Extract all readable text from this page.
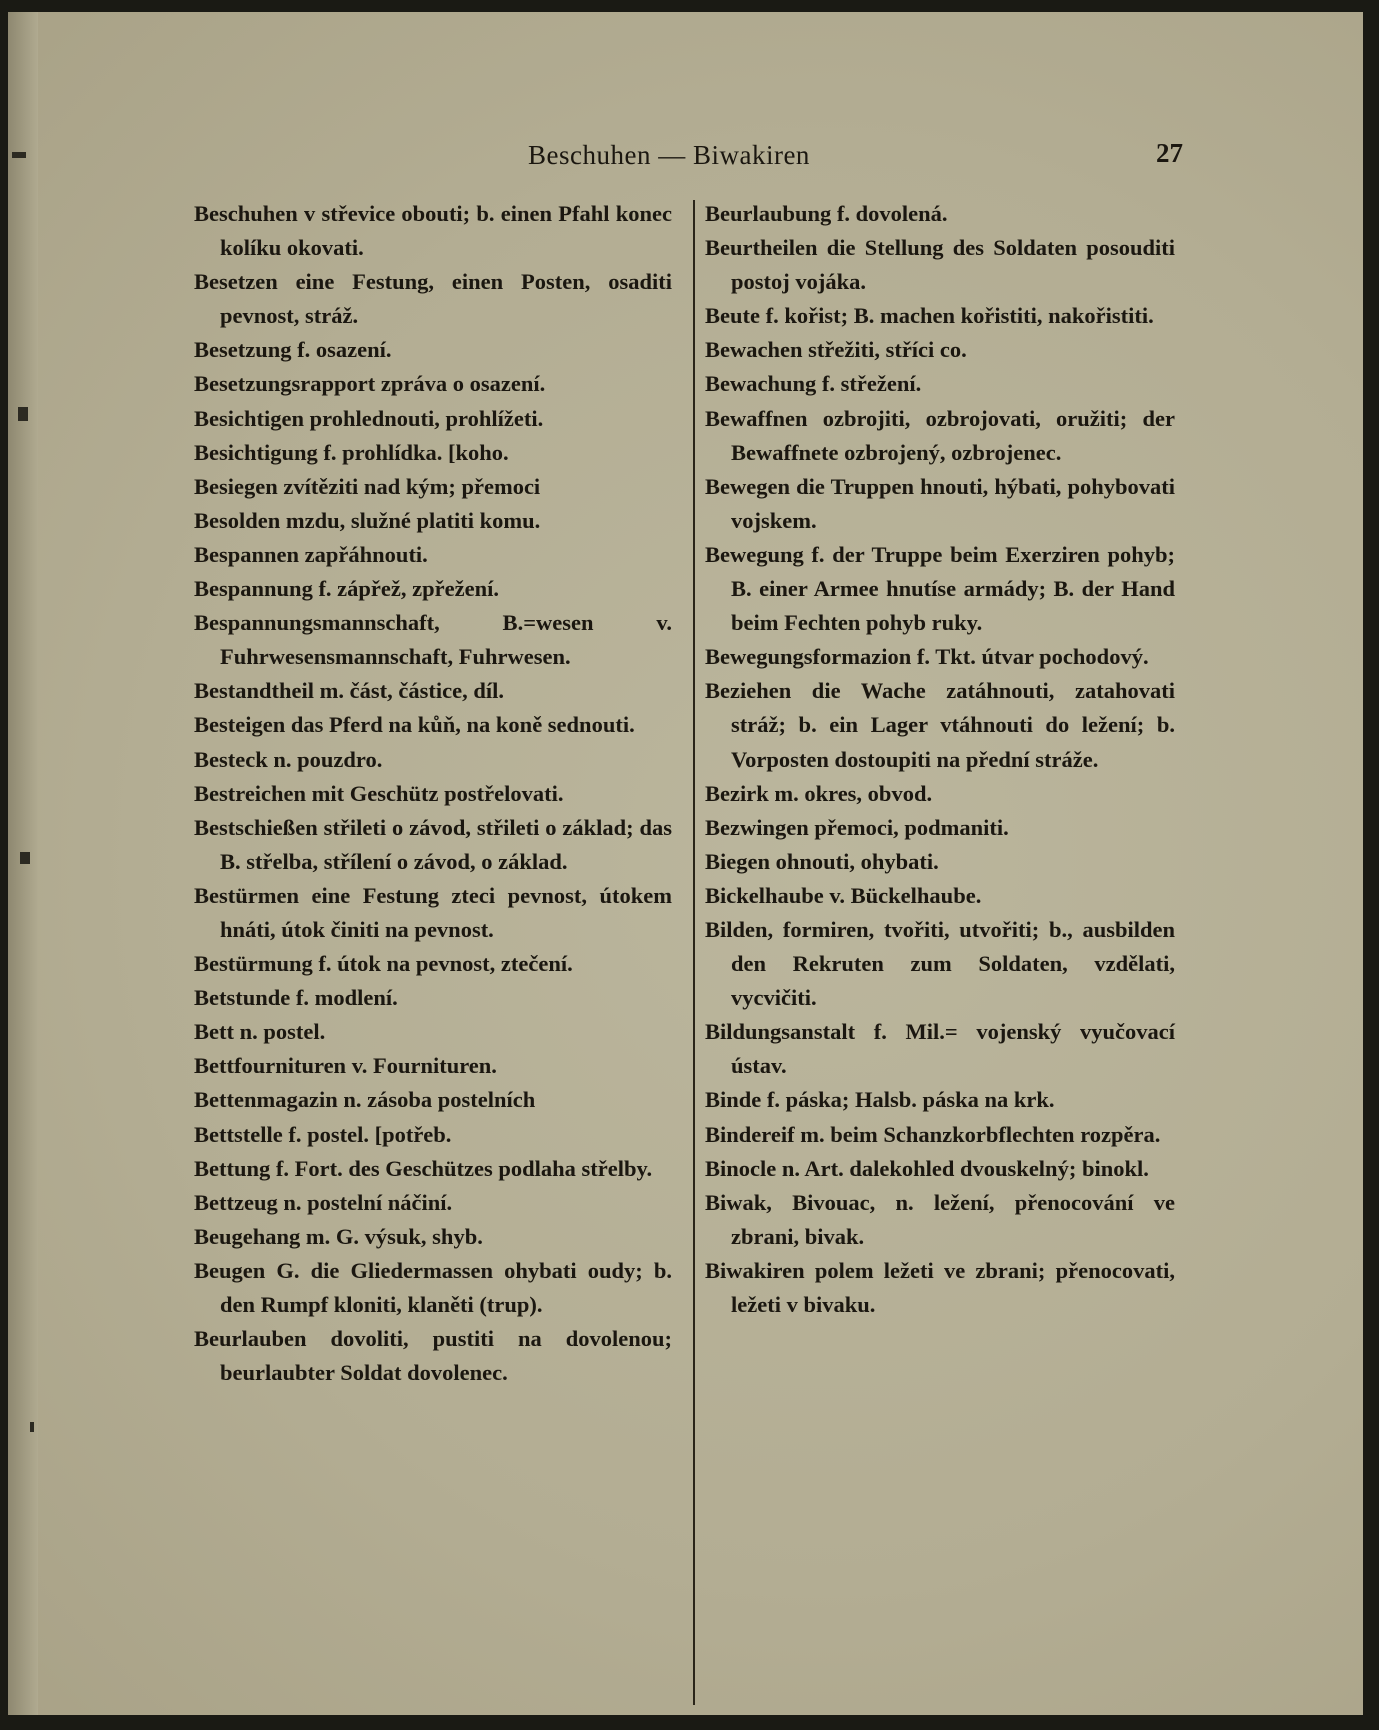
Beschuhen — Biwakiren	27
Beschuhen v střevice obouti; b. einen Pfahl konec kolíku okovati.
Besetzen eine Festung, einen Posten, osaditi pevnost, stráž.
Besetzung f. osazení.
Besetzungsrapport zpráva o osazení.
Besichtigen prohlednouti, prohlížeti.
Besichtigung f. prohlídka. [koho.
Besiegen zvítěziti nad kým; přemoci
Besolden mzdu, služné platiti komu.
Bespannen zapřáhnouti.
Bespannung f. zápřež, zpřežení.
Bespannungsmannschaft, B.=wesen v. Fuhrwesensmannschaft, Fuhrwesen.
Bestandtheil m. část, částice, díl.
Besteigen das Pferd na kůň, na koně sednouti.
Besteck n. pouzdro.
Bestreichen mit Geschütz postřelovati.
Bestschießen střileti o závod, střileti o základ; das B. střelba, střílení o závod, o základ.
Bestürmen eine Festung zteci pevnost, útokem hnáti, útok činiti na pevnost.
Bestürmung f. útok na pevnost, ztečení.
Betstunde f. modlení.
Bett n. postel.
Bettfournituren v. Fournituren.
Bettenmagazin n. zásoba postelních
Bettstelle f. postel. [potřeb.
Bettung f. Fort. des Geschützes podlaha střelby.
Bettzeug n. postelní náčiní.
Beugehang m. G. výsuk, shyb.
Beugen G. die Gliedermassen ohybati oudy; b. den Rumpf kloniti, klaněti (trup).
Beurlauben dovoliti, pustiti na dovolenou; beurlaubter Soldat dovolenec.
Beurlaubung f. dovolená.
Beurtheilen die Stellung des Soldaten posouditi postoj vojáka.
Beute f. kořist; B. machen kořistiti, nakořistiti.
Bewachen střežiti, stříci co.
Bewachung f. střežení.
Bewaffnen ozbrojiti, ozbrojovati, oružiti; der Bewaffnete ozbrojený, ozbrojenec.
Bewegen die Truppen hnouti, hýbati, pohybovati vojskem.
Bewegung f. der Truppe beim Exerziren pohyb; B. einer Armee hnutíse armády; B. der Hand beim Fechten pohyb ruky.
Bewegungsformazion f. Tkt. útvar pochodový.
Beziehen die Wache zatáhnouti, zatahovati stráž; b. ein Lager vtáhnouti do ležení; b. Vorposten dostoupiti na přední stráže.
Bezirk m. okres, obvod.
Bezwingen přemoci, podmaniti.
Biegen ohnouti, ohybati.
Bickelhaube v. Bückelhaube.
Bilden, formiren, tvořiti, utvořiti; b., ausbilden den Rekruten zum Soldaten, vzdělati, vycvičiti.
Bildungsanstalt f. Mil.= vojenský vyučovací ústav.
Binde f. páska; Halsb. páska na krk.
Bindereif m. beim Schanzkorbflechten rozpěra.
Binocle n. Art. dalekohled dvouskelný; binokl.
Biwak, Bivouac, n. ležení, přenocování ve zbrani, bivak.
Biwakiren polem ležeti ve zbrani; přenocovati, ležeti v bivaku.
